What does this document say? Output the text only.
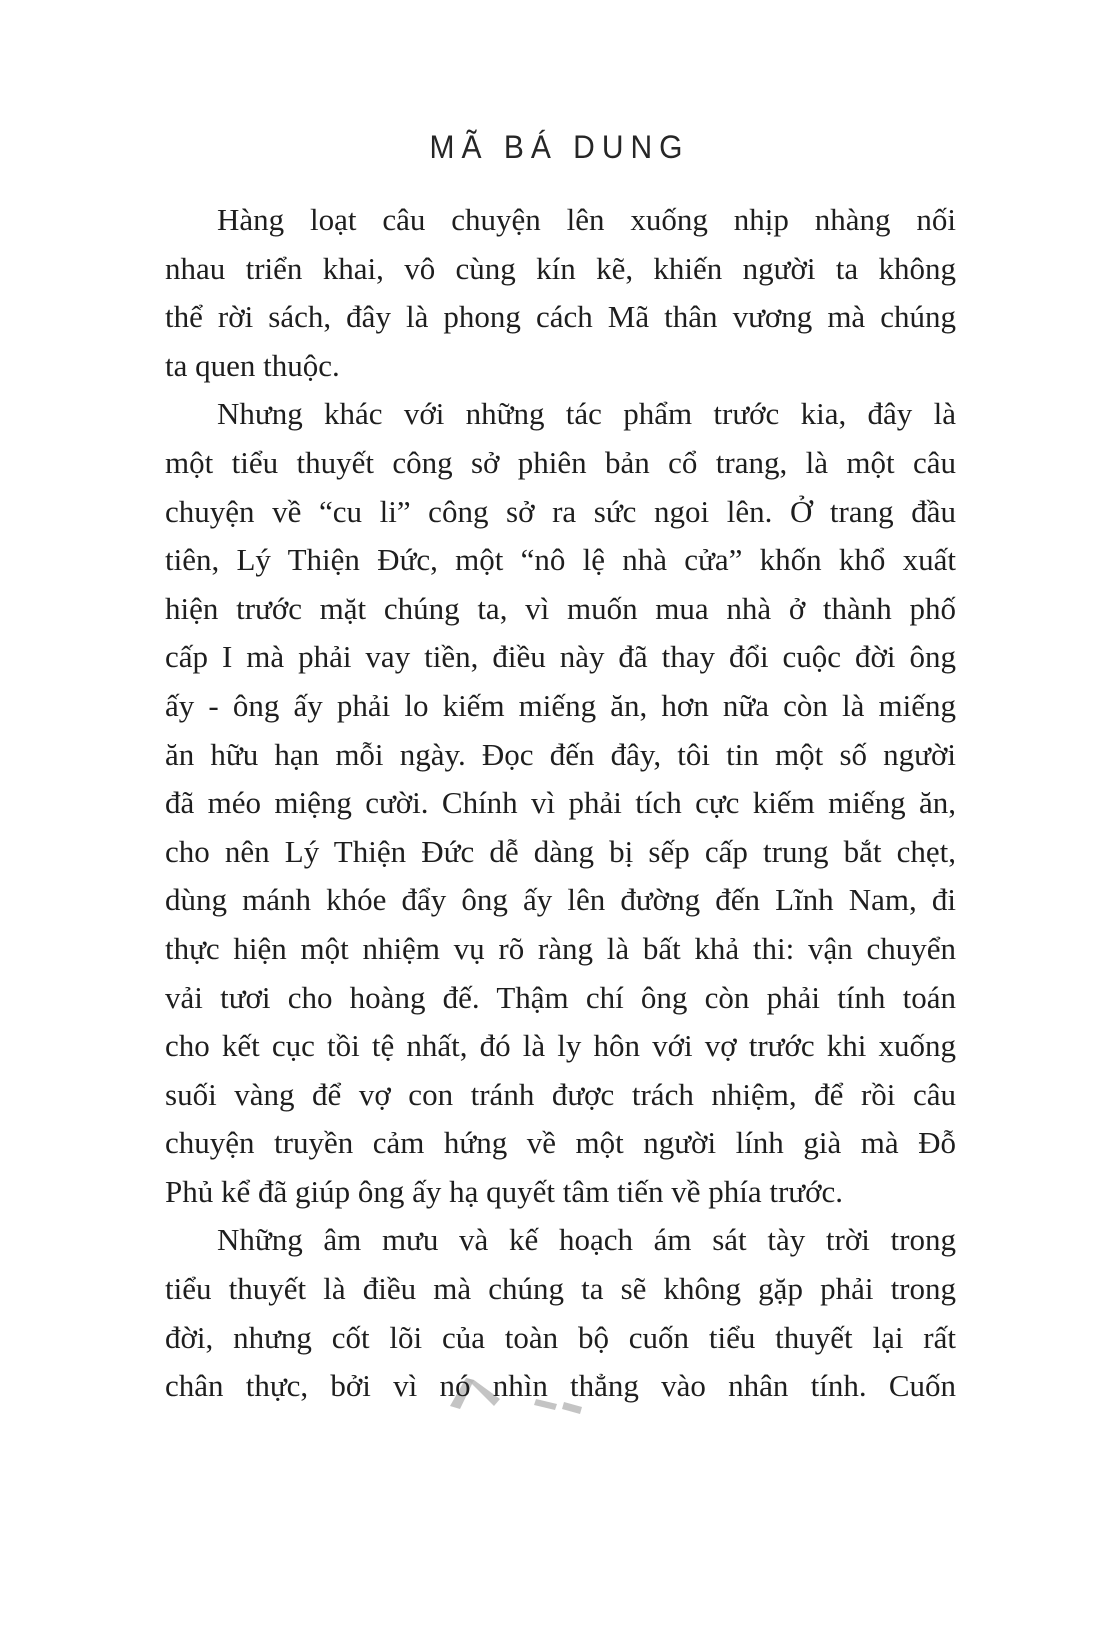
MÃ BÁ DUNG
Hàng loạt câu chuyện lên xuống nhịp nhàng nối
nhau triển khai, vô cùng kín kẽ, khiến người ta không
thể rời sách, đây là phong cách Mã thân vương mà chúng
ta quen thuộc.
Nhưng khác với những tác phẩm trước kia, đây là
một tiểu thuyết công sở phiên bản cổ trang, là một câu
chuyện về “cu li” công sở ra sức ngoi lên. Ở trang đầu
tiên, Lý Thiện Đức, một “nô lệ nhà cửa” khốn khổ xuất
hiện trước mặt chúng ta, vì muốn mua nhà ở thành phố
cấp I mà phải vay tiền, điều này đã thay đổi cuộc đời ông
ấy - ông ấy phải lo kiếm miếng ăn, hơn nữa còn là miếng
ăn hữu hạn mỗi ngày. Đọc đến đây, tôi tin một số người
đã méo miệng cười. Chính vì phải tích cực kiếm miếng ăn,
cho nên Lý Thiện Đức dễ dàng bị sếp cấp trung bắt chẹt,
dùng mánh khóe đẩy ông ấy lên đường đến Lĩnh Nam, đi
thực hiện một nhiệm vụ rõ ràng là bất khả thi: vận chuyển
vải tươi cho hoàng đế. Thậm chí ông còn phải tính toán
cho kết cục tồi tệ nhất, đó là ly hôn với vợ trước khi xuống
suối vàng để vợ con tránh được trách nhiệm, để rồi câu
chuyện truyền cảm hứng về một người lính già mà Đỗ
Phủ kể đã giúp ông ấy hạ quyết tâm tiến về phía trước.
Những âm mưu và kế hoạch ám sát tày trời trong
tiểu thuyết là điều mà chúng ta sẽ không gặp phải trong
đời, nhưng cốt lõi của toàn bộ cuốn tiểu thuyết lại rất
chân thực, bởi vì nó nhìn thẳng vào nhân tính. Cuốn
